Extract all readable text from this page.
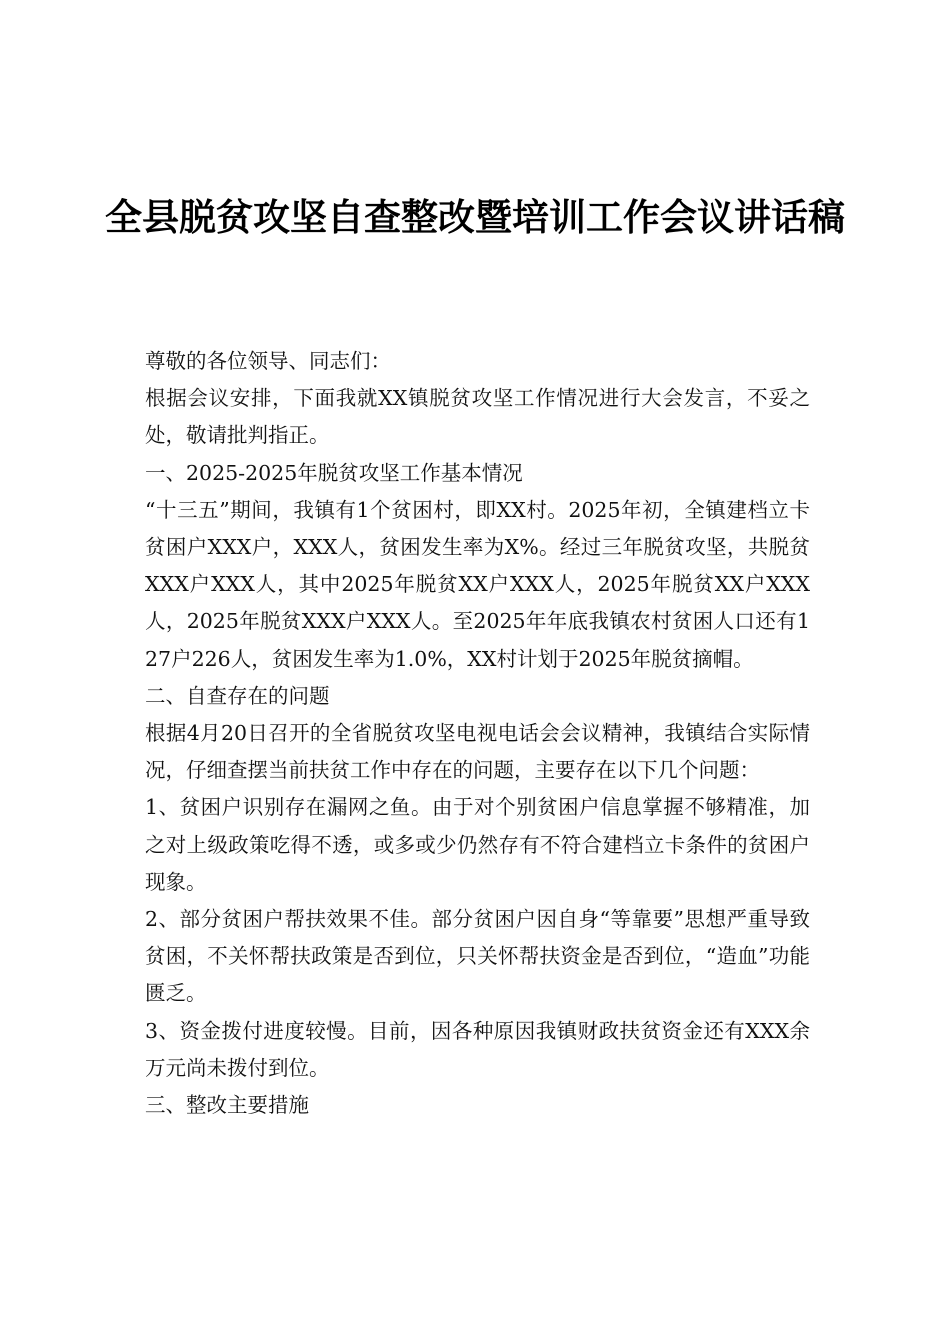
全县脱贫攻坚自查整改暨培训工作会议讲话稿

尊敬的各位领导、同志们：

根据会议安排，下面我就XX镇脱贫攻坚工作情况进行大会发言，不妥之处，敬请批判指正。

一、2025-2025年脱贫攻坚工作基本情况

“十三五”期间，我镇有1个贫困村，即XX村。2025年初，全镇建档立卡贫困户XXX户，XXX人，贫困发生率为X%。经过三年脱贫攻坚，共脱贫XXX户XXX人，其中2025年脱贫XX户XXX人，2025年脱贫XX户XXX人，2025年脱贫XXX户XXX人。至2025年年底我镇农村贫困人口还有127户226人，贫困发生率为1.0%，XX村计划于2025年脱贫摘帽。

二、自查存在的问题

根据4月20日召开的全省脱贫攻坚电视电话会会议精神，我镇结合实际情况，仔细查摆当前扶贫工作中存在的问题，主要存在以下几个问题：

1、贫困户识别存在漏网之鱼。由于对个别贫困户信息掌握不够精准，加之对上级政策吃得不透，或多或少仍然存有不符合建档立卡条件的贫困户现象。

2、部分贫困户帮扶效果不佳。部分贫困户因自身“等靠要”思想严重导致贫困，不关怀帮扶政策是否到位，只关怀帮扶资金是否到位，“造血”功能匮乏。

3、资金拨付进度较慢。目前，因各种原因我镇财政扶贫资金还有XXX余万元尚未拨付到位。

三、整改主要措施
